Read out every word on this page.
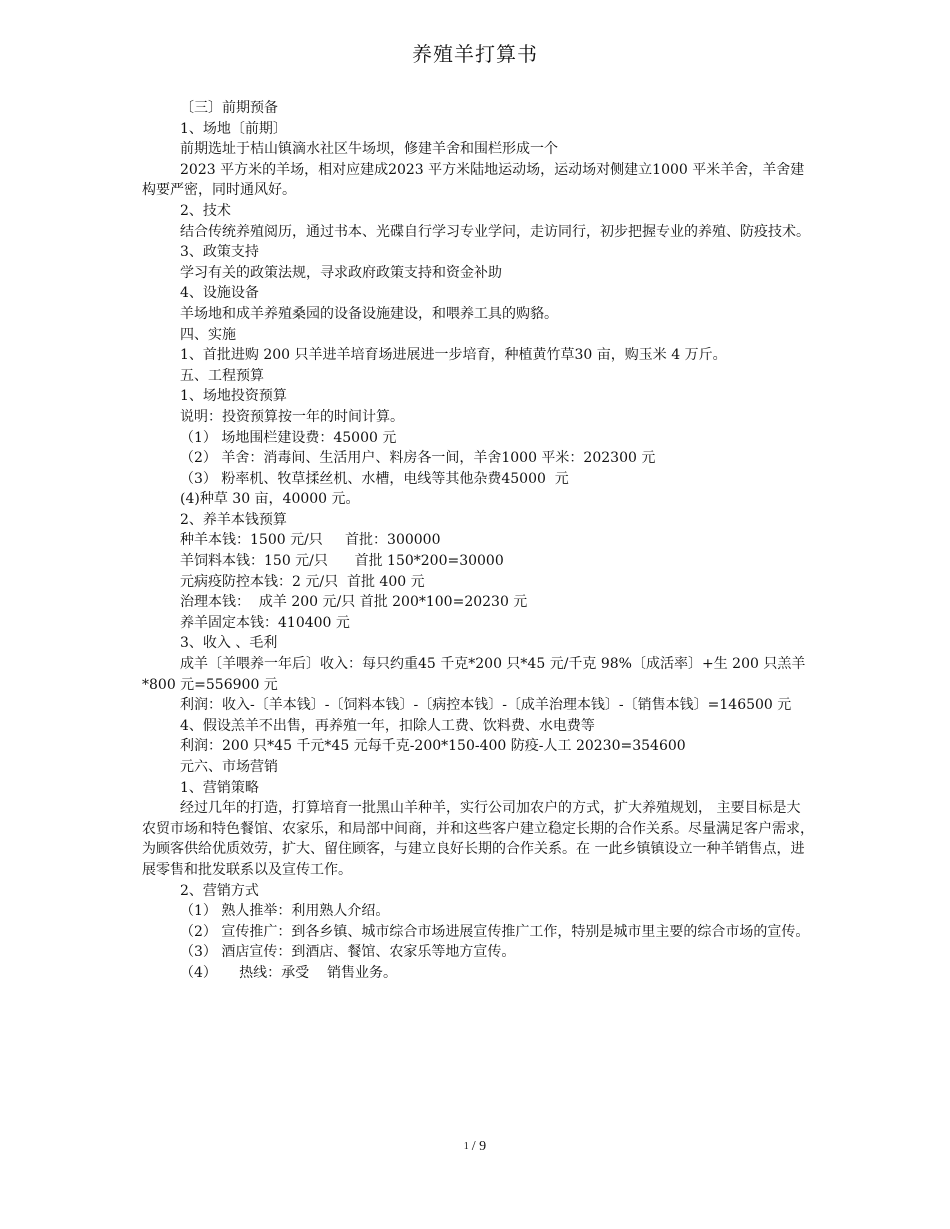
养殖羊打算书
〔三〕前期预备
1、场地〔前期〕
前期选址于桔山镇滴水社区牛场坝，修建羊舍和围栏形成一个
2023 平方米的羊场，相对应建成2023 平方米陆地运动场，运动场对侧建立1000 平米羊舍，羊舍建构要严密，同时通风好。
2、技术
结合传统养殖阅历，通过书本、光碟自行学习专业学问，走访同行，初步把握专业的养殖、防疫技术。
3、政策支持
学习有关的政策法规，寻求政府政策支持和资金补助
4、设施设备
羊场地和成羊养殖桑园的设备设施建设，和喂养工具的购貉。
四、实施
1、首批进购 200 只羊进羊培育场进展进一步培育，种植黄竹草30 亩，购玉米 4 万斤。
五、工程预算
1、场地投资预算
说明：投资预算按一年的时间计算。
（1） 场地围栏建设费：45000 元
（2） 羊舍：消毒间、生活用户、料房各一间，羊舍1000 平米：202300 元
（3） 粉率机、牧草揉丝机、水槽，电线等其他杂费45000  元
(4)种草 30 亩，40000 元。
2、养羊本钱预算
种羊本钱：1500 元/只     首批：300000
羊饲料本钱：150 元/只      首批 150*200=30000
元病疫防控本钱：2 元/只  首批 400 元
治理本钱：  成羊 200 元/只 首批 200*100=20230 元
养羊固定本钱：410400 元
3、收入 、毛利
成羊〔羊喂养一年后〕收入：每只约重45 千克*200 只*45 元/千克 98%〔成活率〕+生 200 只羔羊*800 元=556900 元
利润：收入-〔羊本钱〕-〔饲料本钱〕-〔病控本钱〕-〔成羊治理本钱〕-〔销售本钱〕=146500 元
4、假设羔羊不出售，再养殖一年，扣除人工费、饮料费、水电费等
利润：200 只*45 千元*45 元每千克-200*150-400 防疫-人工 20230=354600
元六、市场营销
1、营销策略
经过几年的打造，打算培育一批黑山羊种羊，实行公司加农户的方式，扩大养殖规划， 主要目标是大农贸市场和特色餐馆、农家乐，和局部中间商，并和这些客户建立稳定长期的合作关系。尽量满足客户需求，为顾客供给优质效劳，扩大、留住顾客，与建立良好长期的合作关系。在 一此乡镇镇设立一种羊销售点，进展零售和批发联系以及宣传工作。
2、营销方式
（1） 熟人推举：利用熟人介绍。
（2） 宣传推广：到各乡镇、城市综合市场进展宣传推广工作，特别是城市里主要的综合市场的宣传。
（3） 酒店宣传：到酒店、餐馆、农家乐等地方宣传。
（4）     热线：承受    销售业务。
1 / 9
